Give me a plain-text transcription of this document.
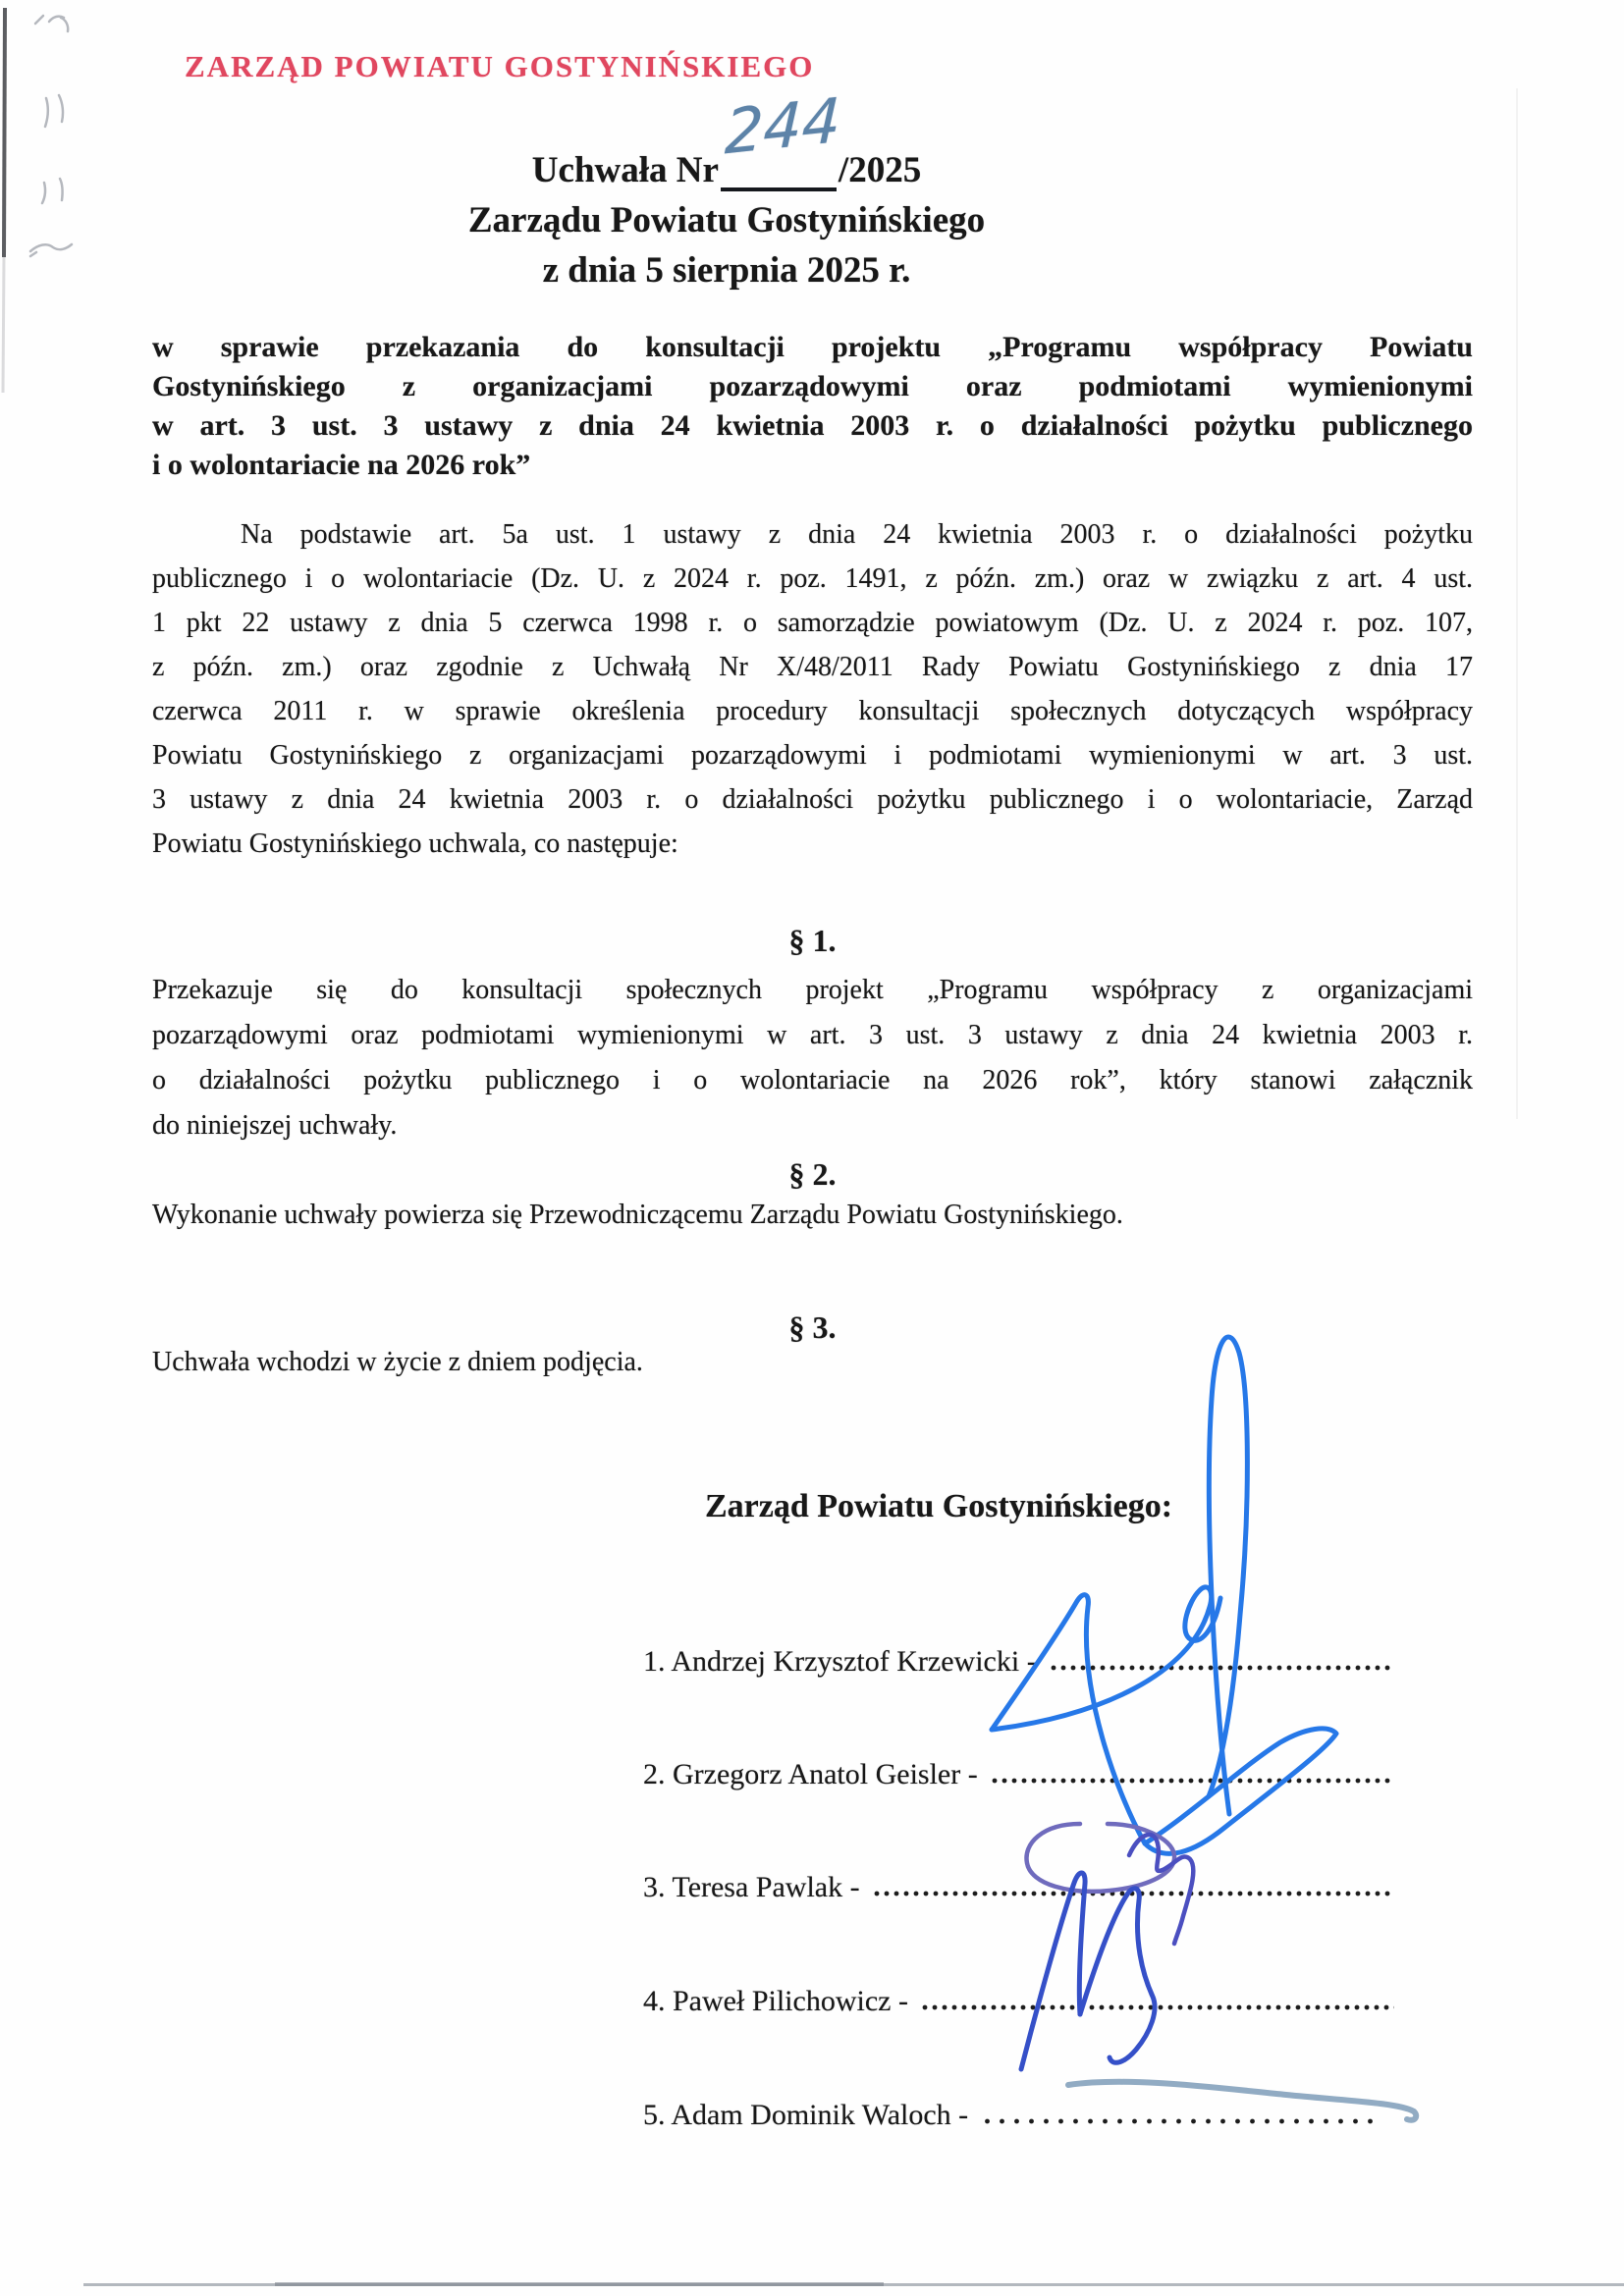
ZARZĄD POWIATU GOSTYNIŃSKIEGO
Uchwała Nr
244
/2025
Zarządu Powiatu Gostynińskiego
z dnia 5 sierpnia 2025 r.
w sprawie przekazania do konsultacji projektu „Programu współpracy Powiatu
Gostynińskiego z organizacjami pozarządowymi oraz podmiotami wymienionymi
w art. 3 ust. 3 ustawy z dnia 24 kwietnia 2003 r. o działalności pożytku publicznego
i o wolontariacie na 2026 rok”
Na podstawie art. 5a ust. 1 ustawy z dnia 24 kwietnia 2003 r. o działalności pożytku
publicznego i o wolontariacie (Dz. U. z 2024 r. poz. 1491, z późn. zm.) oraz w związku z art. 4 ust.
1 pkt 22 ustawy z dnia 5 czerwca 1998 r. o samorządzie powiatowym (Dz. U. z 2024 r. poz. 107,
z późn. zm.) oraz zgodnie z Uchwałą Nr X/48/2011 Rady Powiatu Gostynińskiego z dnia 17
czerwca 2011 r. w sprawie określenia procedury konsultacji społecznych dotyczących współpracy
Powiatu Gostynińskiego z organizacjami pozarządowymi i podmiotami wymienionymi w art. 3 ust.
3 ustawy z dnia 24 kwietnia 2003 r. o działalności pożytku publicznego i o wolontariacie, Zarząd
Powiatu Gostynińskiego uchwala, co następuje:
§ 1.
Przekazuje się do konsultacji społecznych projekt „Programu współpracy z organizacjami
pozarządowymi oraz podmiotami wymienionymi w art. 3 ust. 3 ustawy z dnia 24 kwietnia 2003 r.
o działalności pożytku publicznego i o wolontariacie na 2026 rok”, który stanowi załącznik
do niniejszej uchwały.
§ 2.
Wykonanie uchwały powierza się Przewodniczącemu Zarządu Powiatu Gostynińskiego.
§ 3.
Uchwała wchodzi w życie z dniem podjęcia.
Zarząd Powiatu Gostynińskiego:
1. Andrzej Krzysztof Krzewicki -
2. Grzegorz Anatol Geisler -
3. Teresa Pawlak -
4. Paweł Pilichowicz -
5. Adam Dominik Waloch -
